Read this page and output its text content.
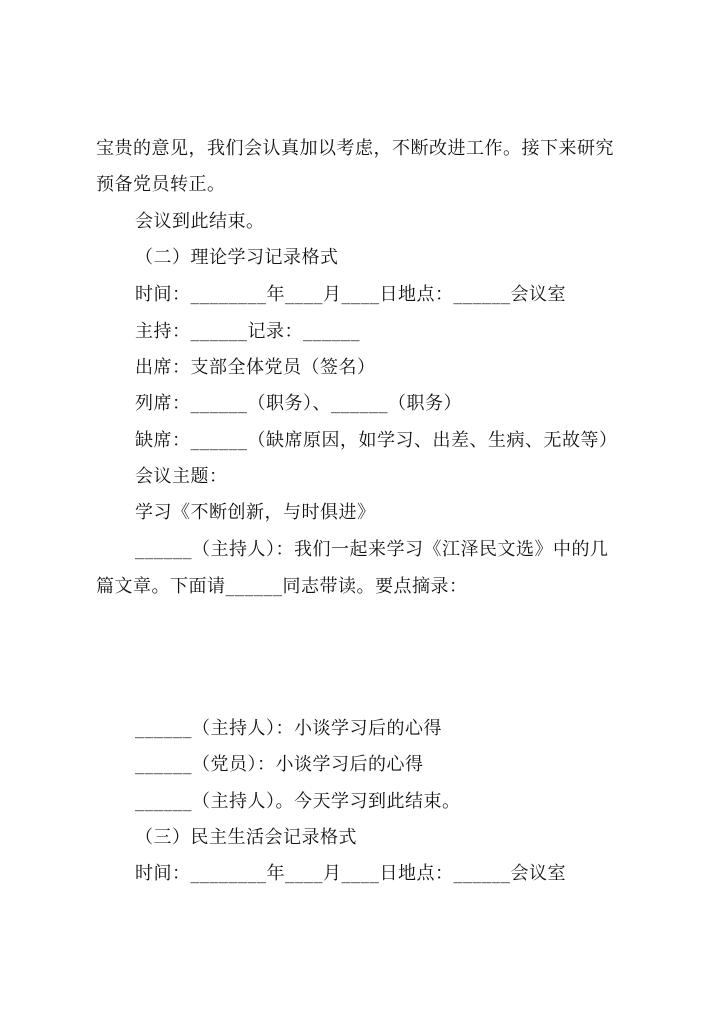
宝贵的意见，我们会认真加以考虑，不断改进工作。接下来研究
预备党员转正。
会议到此结束。
（二）理论学习记录格式
时间：________年____月____日地点：______会议室
主持：______记录：______
出席：支部全体党员（签名）
列席：______（职务）、______（职务）
缺席：______（缺席原因，如学习、出差、生病、无故等）
会议主题：
学习《不断创新，与时俱进》
______（主持人）：我们一起来学习《江泽民文选》中的几
篇文章。下面请______同志带读。要点摘录：
______（主持人）：小谈学习后的心得
______（党员）：小谈学习后的心得
______（主持人）。今天学习到此结束。
（三）民主生活会记录格式
时间：________年____月____日地点：______会议室
